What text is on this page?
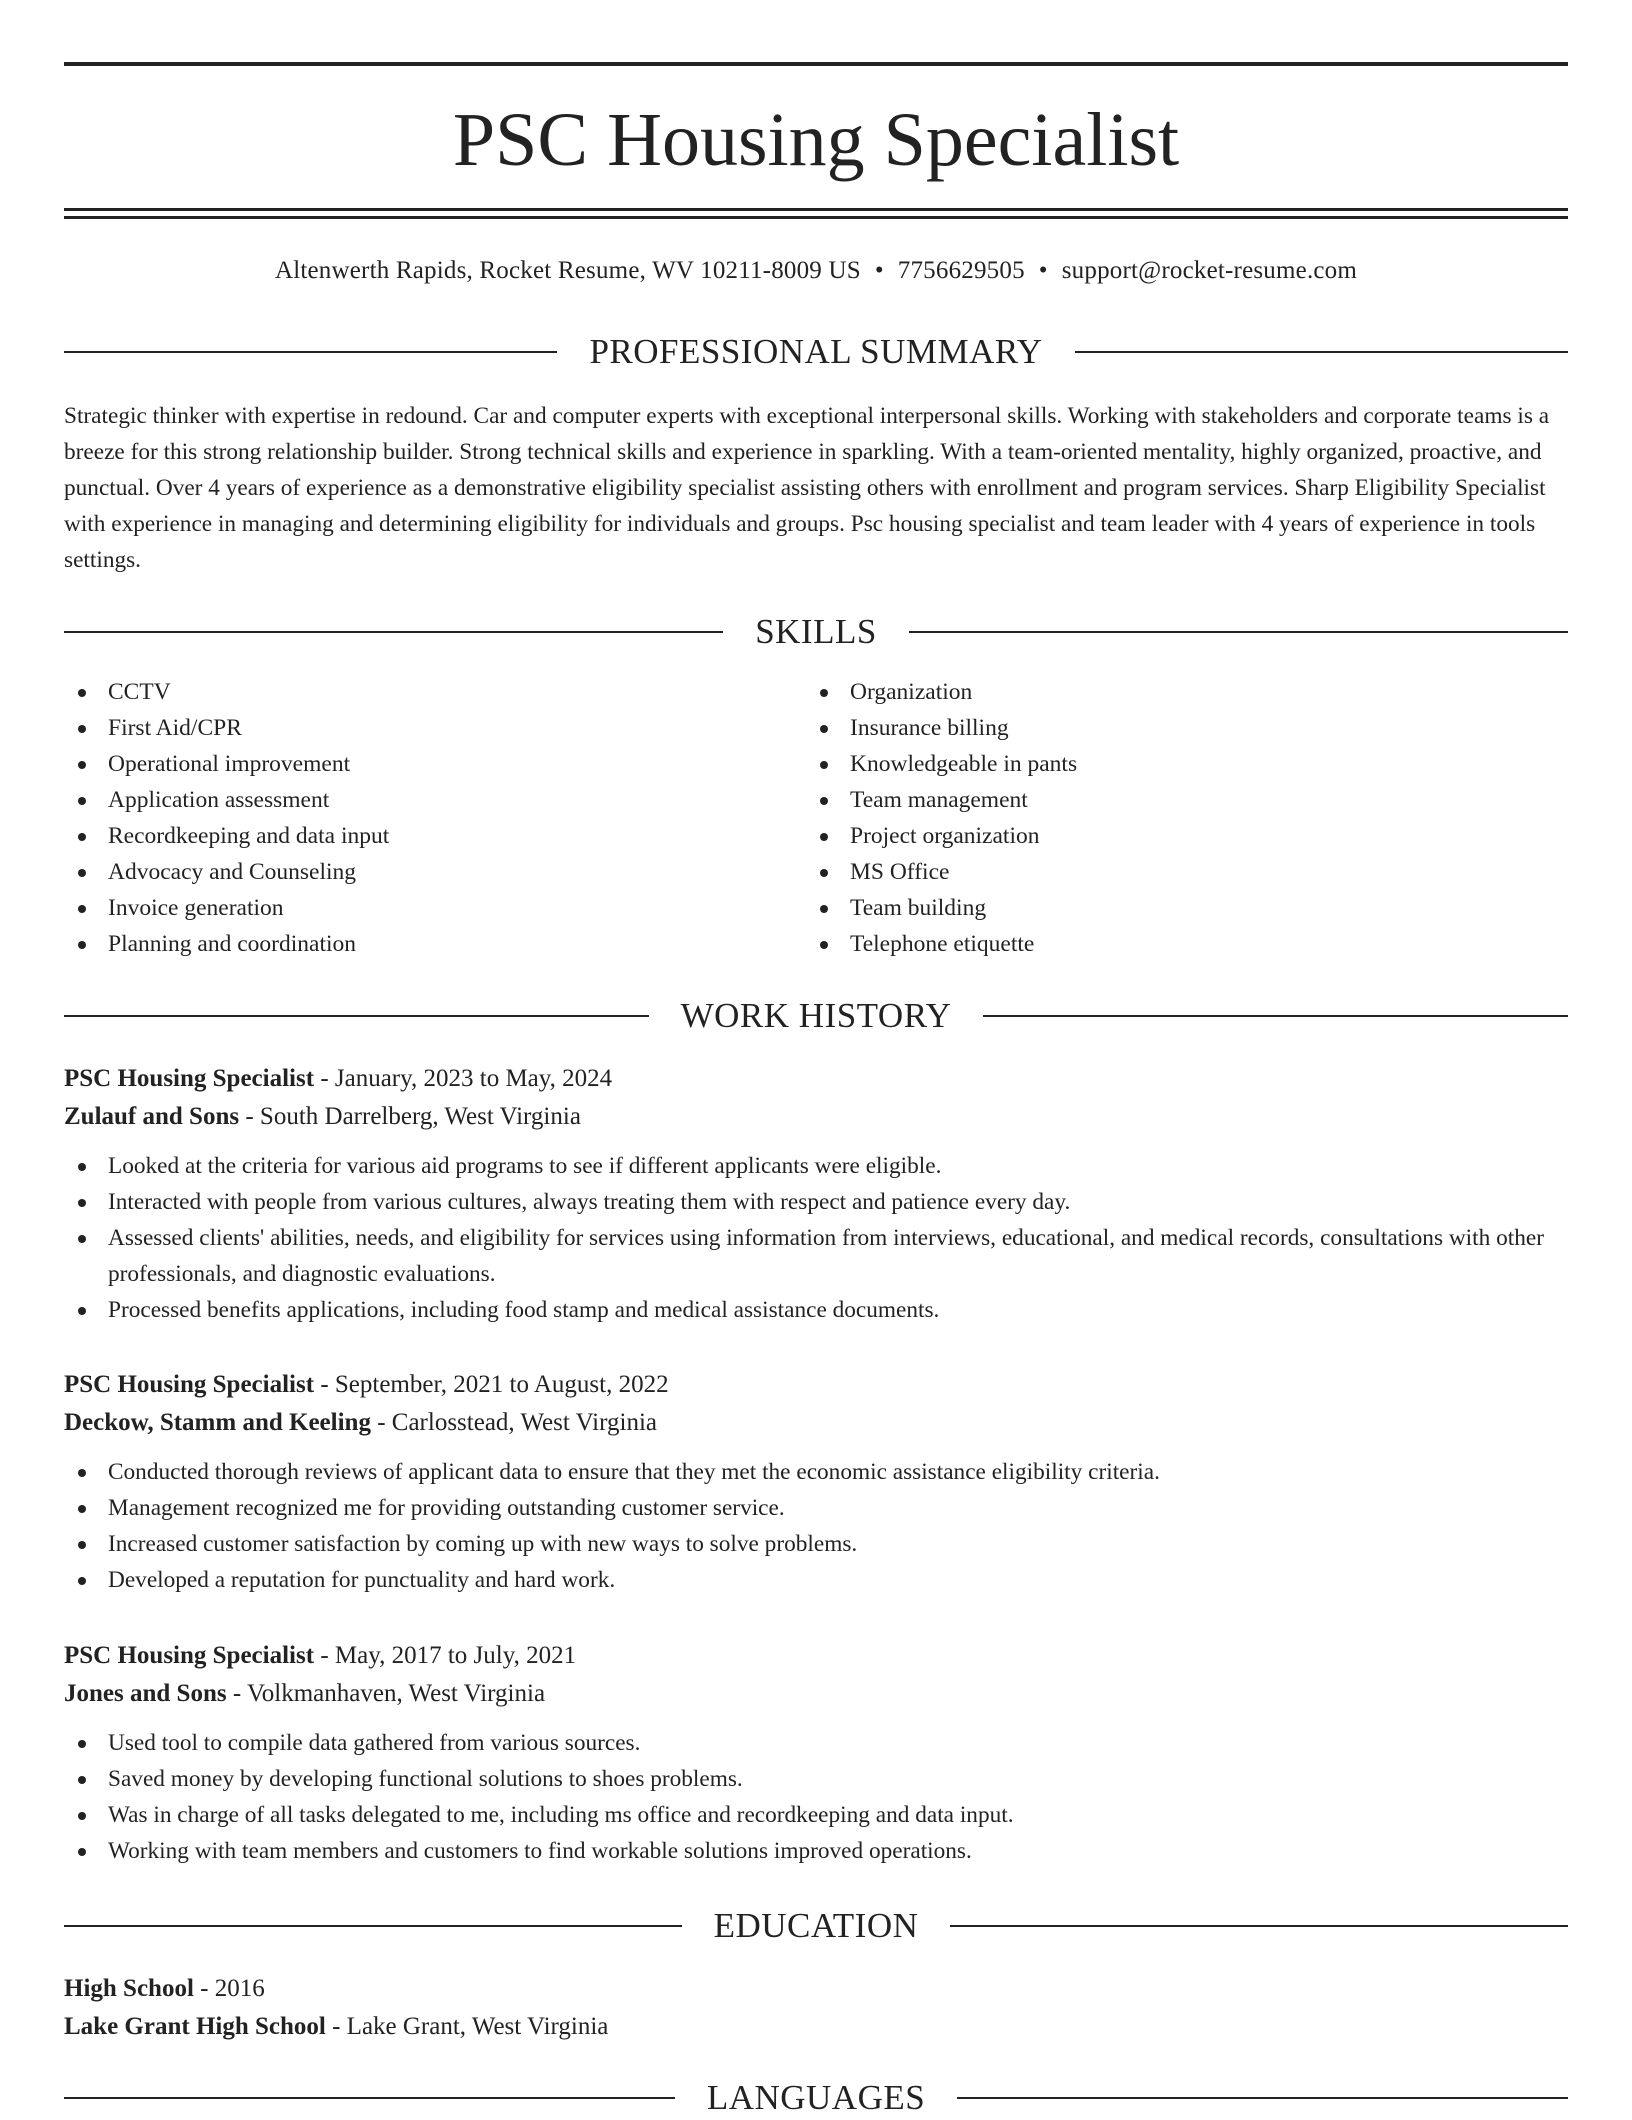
PSC Housing Specialist
Altenwerth Rapids, Rocket Resume, WV 10211-8009 US • 7756629505 • support@rocket-resume.com
PROFESSIONAL SUMMARY
Strategic thinker with expertise in redound. Car and computer experts with exceptional interpersonal skills. Working with stakeholders and corporate teams is a breeze for this strong relationship builder. Strong technical skills and experience in sparkling. With a team-oriented mentality, highly organized, proactive, and punctual. Over 4 years of experience as a demonstrative eligibility specialist assisting others with enrollment and program services. Sharp Eligibility Specialist with experience in managing and determining eligibility for individuals and groups. Psc housing specialist and team leader with 4 years of experience in tools settings.
SKILLS
CCTV
First Aid/CPR
Operational improvement
Application assessment
Recordkeeping and data input
Advocacy and Counseling
Invoice generation
Planning and coordination
Organization
Insurance billing
Knowledgeable in pants
Team management
Project organization
MS Office
Team building
Telephone etiquette
WORK HISTORY
PSC Housing Specialist - January, 2023 to May, 2024
Zulauf and Sons - South Darrelberg, West Virginia
Looked at the criteria for various aid programs to see if different applicants were eligible.
Interacted with people from various cultures, always treating them with respect and patience every day.
Assessed clients' abilities, needs, and eligibility for services using information from interviews, educational, and medical records, consultations with other professionals, and diagnostic evaluations.
Processed benefits applications, including food stamp and medical assistance documents.
PSC Housing Specialist - September, 2021 to August, 2022
Deckow, Stamm and Keeling - Carlosstead, West Virginia
Conducted thorough reviews of applicant data to ensure that they met the economic assistance eligibility criteria.
Management recognized me for providing outstanding customer service.
Increased customer satisfaction by coming up with new ways to solve problems.
Developed a reputation for punctuality and hard work.
PSC Housing Specialist - May, 2017 to July, 2021
Jones and Sons - Volkmanhaven, West Virginia
Used tool to compile data gathered from various sources.
Saved money by developing functional solutions to shoes problems.
Was in charge of all tasks delegated to me, including ms office and recordkeeping and data input.
Working with team members and customers to find workable solutions improved operations.
EDUCATION
High School - 2016
Lake Grant High School - Lake Grant, West Virginia
LANGUAGES
